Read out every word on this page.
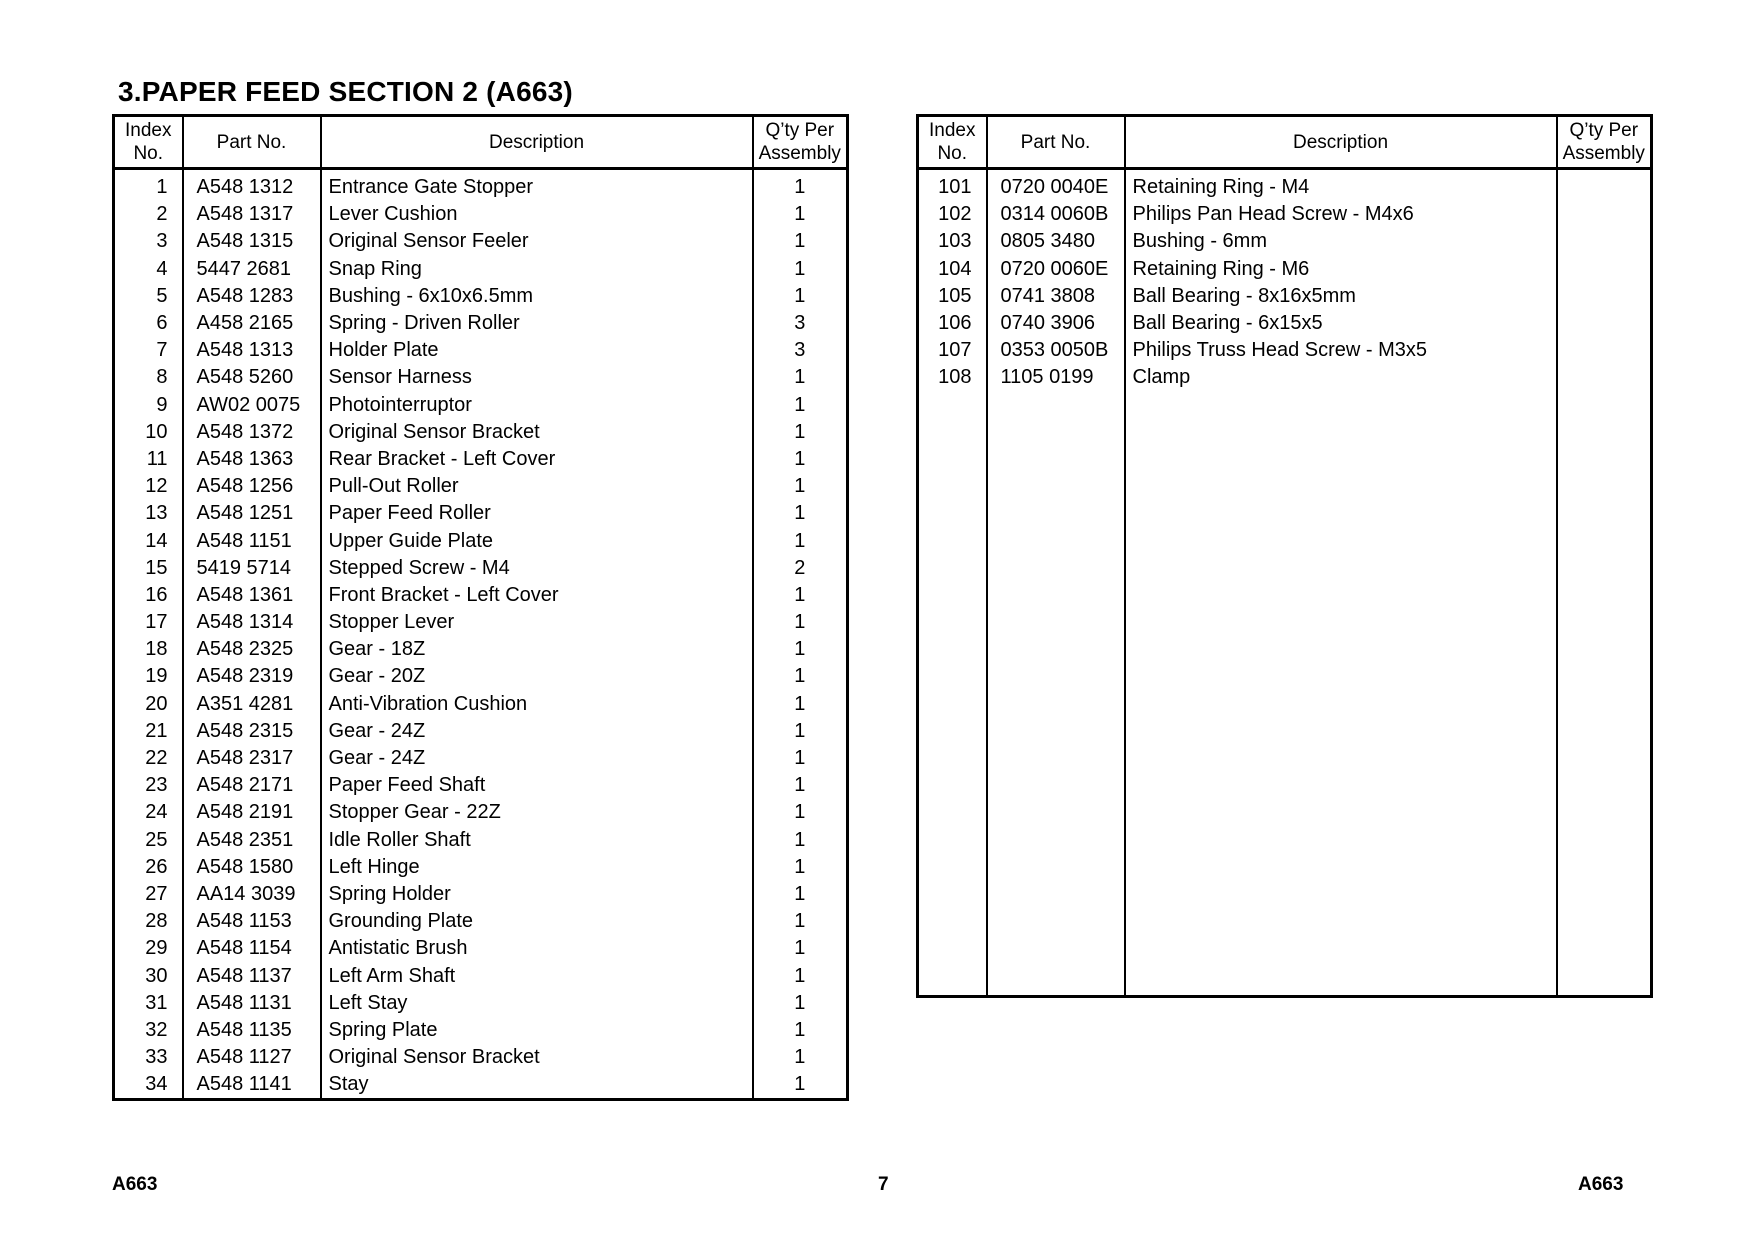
3.PAPER FEED SECTION 2 (A663)
Index No.	Part No.	Description	Q’ty Per Assembly
1	A548 1312	Entrance Gate Stopper	1
2	A548 1317	Lever Cushion	1
3	A548 1315	Original Sensor Feeler	1
4	5447 2681	Snap Ring	1
5	A548 1283	Bushing - 6x10x6.5mm	1
6	A458 2165	Spring - Driven Roller	3
7	A548 1313	Holder Plate	3
8	A548 5260	Sensor Harness	1
9	AW02 0075	Photointerruptor	1
10	A548 1372	Original Sensor Bracket	1
11	A548 1363	Rear Bracket - Left Cover	1
12	A548 1256	Pull-Out Roller	1
13	A548 1251	Paper Feed Roller	1
14	A548 1151	Upper Guide Plate	1
15	5419 5714	Stepped Screw - M4	2
16	A548 1361	Front Bracket - Left Cover	1
17	A548 1314	Stopper Lever	1
18	A548 2325	Gear - 18Z	1
19	A548 2319	Gear - 20Z	1
20	A351 4281	Anti-Vibration Cushion	1
21	A548 2315	Gear - 24Z	1
22	A548 2317	Gear - 24Z	1
23	A548 2171	Paper Feed Shaft	1
24	A548 2191	Stopper Gear - 22Z	1
25	A548 2351	Idle Roller Shaft	1
26	A548 1580	Left Hinge	1
27	AA14 3039	Spring Holder	1
28	A548 1153	Grounding Plate	1
29	A548 1154	Antistatic Brush	1
30	A548 1137	Left Arm Shaft	1
31	A548 1131	Left Stay	1
32	A548 1135	Spring Plate	1
33	A548 1127	Original Sensor Bracket	1
34	A548 1141	Stay	1

Index No.	Part No.	Description	Q’ty Per Assembly
101	0720 0040E	Retaining Ring - M4	
102	0314 0060B	Philips Pan Head Screw - M4x6	
103	0805 3480	Bushing - 6mm	
104	0720 0060E	Retaining Ring - M6	
105	0741 3808	Ball Bearing - 8x16x5mm	
106	0740 3906	Ball Bearing - 6x15x5	
107	0353 0050B	Philips Truss Head Screw - M3x5	
108	1105 0199	Clamp	

A663	7	A663
